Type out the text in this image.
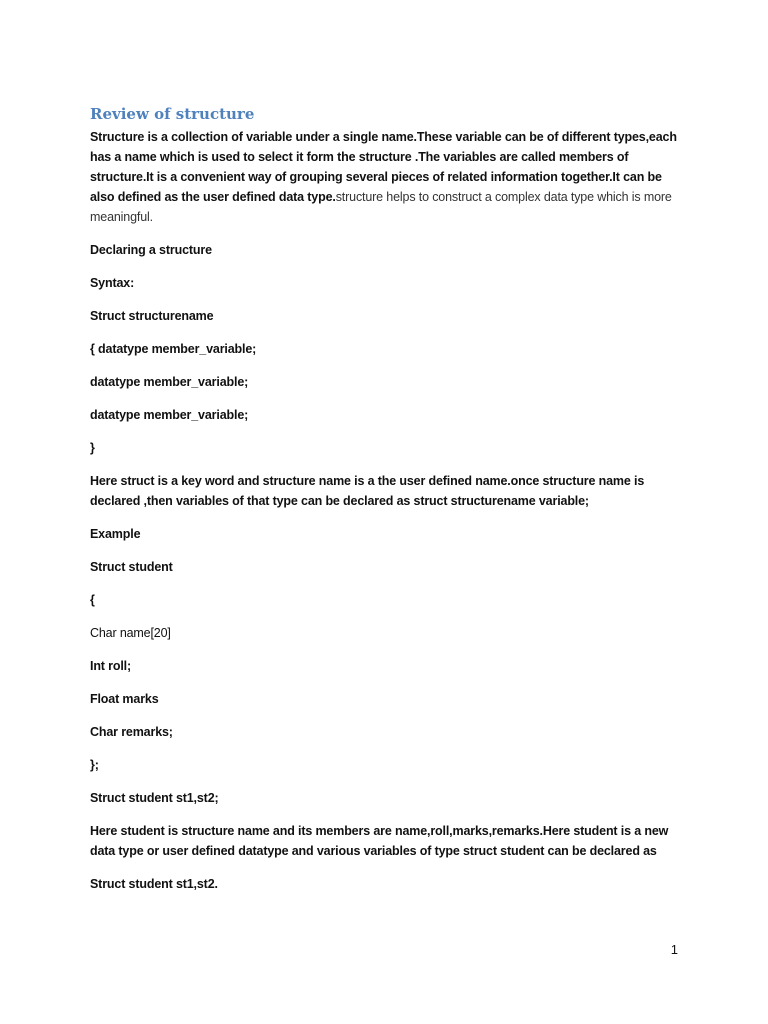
Review of structure

Structure is a collection of variable under a single name.These variable can be of different types,each has a name which is used to select it form the structure .The variables are called members of structure.It is a convenient way of grouping several pieces of related information together.It can be also defined as the user defined data type.structure helps to construct a complex data type which is more meaningful.

Declaring a structure

Syntax:

Struct structurename

{ datatype member_variable;

datatype member_variable;

datatype member_variable;

}

Here struct is a key word and structure name is a the user defined name.once structure name is declared ,then variables of that type can be declared as struct structurename variable;

Example

Struct student

{

Char name[20]

Int roll;

Float marks

Char remarks;

};

Struct student st1,st2;

Here student is structure name and its members are name,roll,marks,remarks.Here student is a new data type or user defined datatype and various variables of type struct student can be declared as

Struct student st1,st2.

1
